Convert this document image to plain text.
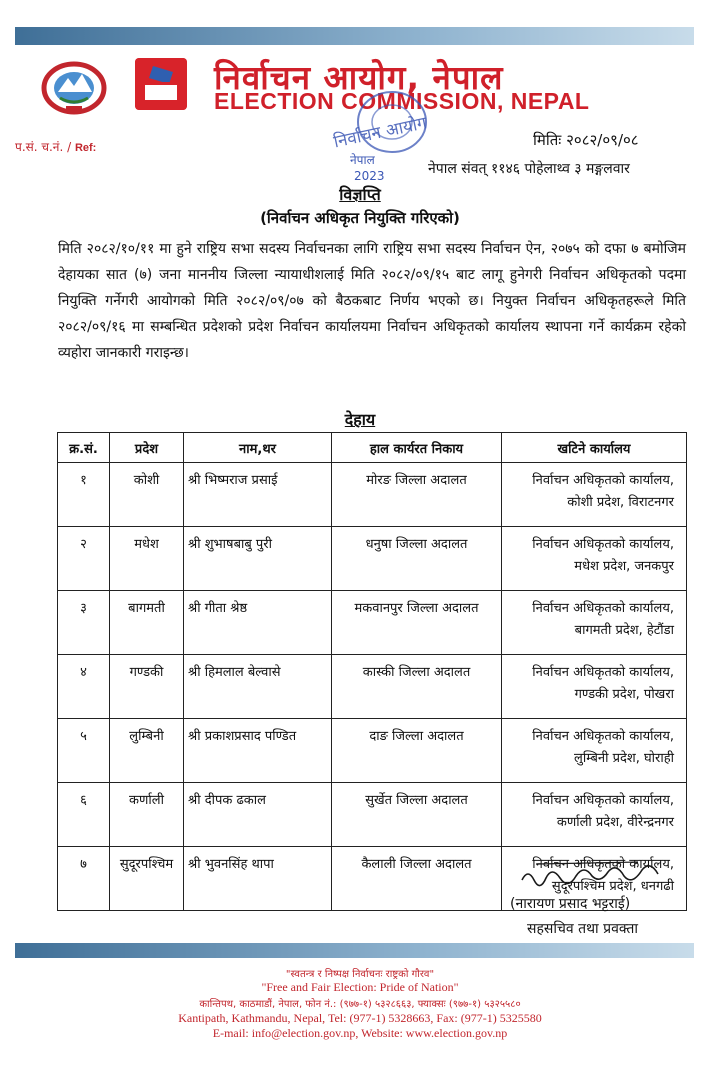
निर्वाचन आयोग, नेपाल
ELECTION COMMISSION, NEPAL
प.सं. च.नं. / Ref:	निर्वाचन आयोग
नेपाल
2023
मितिः २०८२/०९/०८
नेपाल संवत् ११४६ पोहेलाथ्व ३ मङ्गलवार
विज्ञप्ति
(निर्वाचन अधिकृत नियुक्ति गरिएको)
मिति २०८२/१०/११ मा हुने राष्ट्रिय सभा सदस्य निर्वाचनका लागि राष्ट्रिय सभा सदस्य निर्वाचन ऐन, २०७५ को दफा ७ बमोजिम देहायका सात (७) जना माननीय जिल्ला न्यायाधीशलाई मिति २०८२/०९/१५ बाट लागू हुनेगरी निर्वाचन अधिकृतको पदमा नियुक्ति गर्नेगरी आयोगको मिति २०८२/०९/०७ को बैठकबाट निर्णय भएको छ। नियुक्त निर्वाचन अधिकृतहरूले मिति २०८२/०९/१६ मा सम्बन्धित प्रदेशको प्रदेश निर्वाचन कार्यालयमा निर्वाचन अधिकृतको कार्यालय स्थापना गर्ने कार्यक्रम रहेको व्यहोरा जानकारी गराइन्छ।
देहाय
क्र.सं.	प्रदेश	नाम,थर	हाल कार्यरत निकाय	खटिने कार्यालय
१	कोशी	श्री भिष्मराज प्रसाई	मोरङ जिल्ला अदालत	निर्वाचन अधिकृतको कार्यालय,
कोशी प्रदेश, विराटनगर

२	मधेश	श्री शुभाषबाबु पुरी	धनुषा जिल्ला अदालत	निर्वाचन अधिकृतको कार्यालय,
मधेश प्रदेश, जनकपुर

३	बागमती	श्री गीता श्रेष्ठ	मकवानपुर जिल्ला अदालत	निर्वाचन अधिकृतको कार्यालय,
बागमती प्रदेश, हेटौंडा

४	गण्डकी	श्री हिमलाल बेल्वासे	कास्की जिल्ला अदालत	निर्वाचन अधिकृतको कार्यालय,
गण्डकी प्रदेश, पोखरा

५	लुम्बिनी	श्री प्रकाशप्रसाद पण्डित	दाङ जिल्ला अदालत	निर्वाचन अधिकृतको कार्यालय,
लुम्बिनी प्रदेश, घोराही

६	कर्णाली	श्री दीपक ढकाल	सुर्खेत जिल्ला अदालत	निर्वाचन अधिकृतको कार्यालय,
कर्णाली प्रदेश, वीरेन्द्रनगर

७	सुदूरपश्चिम	श्री भुवनसिंह थापा	कैलाली जिल्ला अदालत	निर्वाचन अधिकृतको कार्यालय,
सुदूरपश्चिम प्रदेश, धनगढी
(नारायण प्रसाद भट्टराई)
सहसचिव तथा प्रवक्ता
"स्वतन्त्र र निष्पक्ष निर्वाचनः राष्ट्रको गौरव"
"Free and Fair Election: Pride of Nation"
कान्तिपथ, काठमाडौं, नेपाल, फोन नं.: (९७७-१) ५३२८६६३, फ्याक्सः (९७७-१) ५३२५५८०
Kantipath, Kathmandu, Nepal, Tel: (977-1) 5328663, Fax: (977-1) 5325580
E-mail: info@election.gov.np, Website: www.election.gov.np
